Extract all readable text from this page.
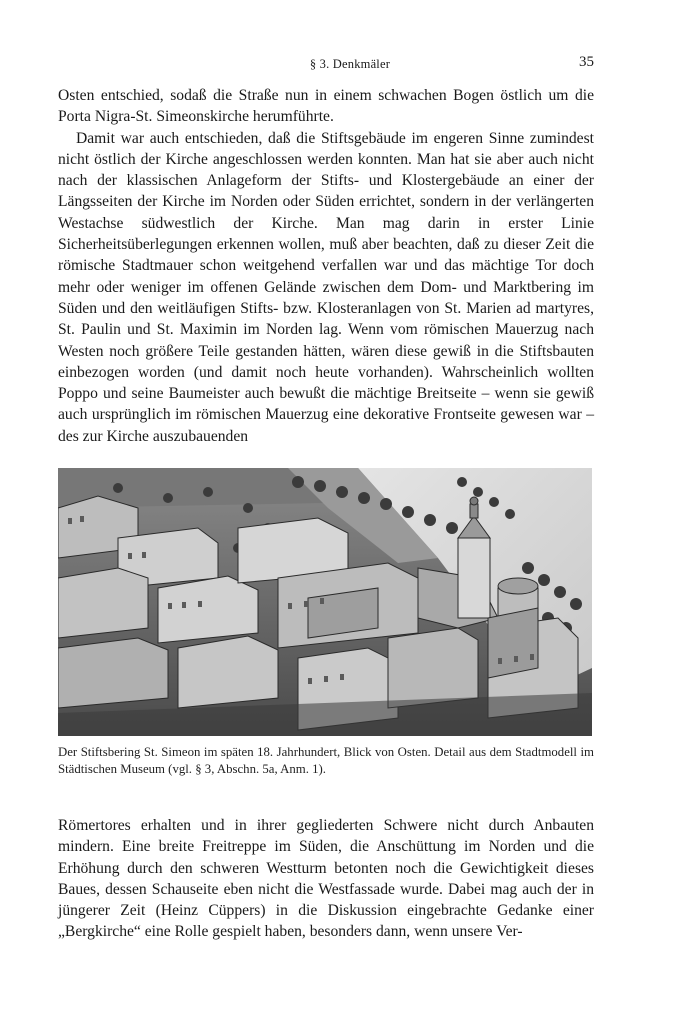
§ 3. Denkmäler	35

Osten entschied, sodaß die Straße nun in einem schwachen Bogen östlich um die Porta Nigra-St. Simeonskirche herumführte.

Damit war auch entschieden, daß die Stiftsgebäude im engeren Sinne zumindest nicht östlich der Kirche angeschlossen werden konnten. Man hat sie aber auch nicht nach der klassischen Anlageform der Stifts- und Klostergebäude an einer der Längsseiten der Kirche im Norden oder Süden errichtet, sondern in der verlängerten Westachse südwestlich der Kirche. Man mag darin in erster Linie Sicherheitsüberlegungen erkennen wollen, muß aber beachten, daß zu dieser Zeit die römische Stadtmauer schon weitgehend verfallen war und das mächtige Tor doch mehr oder weniger im offenen Gelände zwischen dem Dom- und Marktbering im Süden und den weitläufigen Stifts- bzw. Klosteranlagen von St. Marien ad martyres, St. Paulin und St. Maximin im Norden lag. Wenn vom römischen Mauerzug nach Westen noch größere Teile gestanden hätten, wären diese gewiß in die Stiftsbauten einbezogen worden (und damit noch heute vorhanden). Wahrscheinlich wollten Poppo und seine Baumeister auch bewußt die mächtige Breitseite – wenn sie gewiß auch ursprünglich im römischen Mauerzug eine dekorative Frontseite gewesen war – des zur Kirche auszubauenden

Der Stiftsbering St. Simeon im späten 18. Jahrhundert, Blick von Osten. Detail aus dem Stadtmodell im Städtischen Museum (vgl. § 3, Abschn. 5a, Anm. 1).

Römertores erhalten und in ihrer gegliederten Schwere nicht durch Anbauten mindern. Eine breite Freitreppe im Süden, die Anschüttung im Norden und die Erhöhung durch den schweren Westturm betonten noch die Gewichtigkeit dieses Baues, dessen Schauseite eben nicht die Westfassade wurde. Dabei mag auch der in jüngerer Zeit (Heinz Cüppers) in die Diskussion eingebrachte Gedanke einer „Bergkirche“ eine Rolle gespielt haben, besonders dann, wenn unsere Ver-
